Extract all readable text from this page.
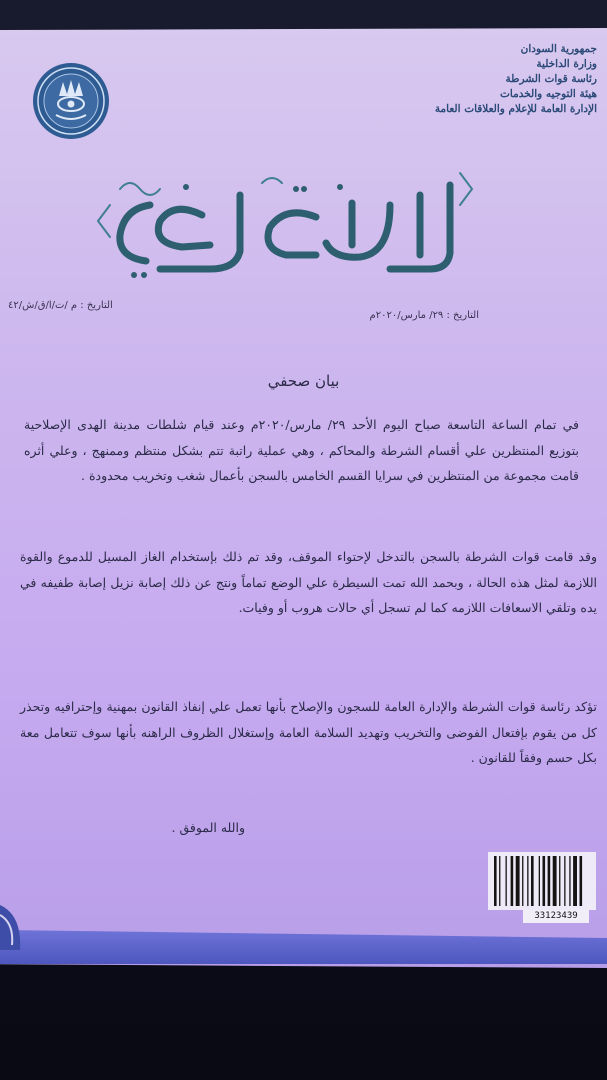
جمهورية السودان
وزارة الداخلية
رئاسة قوات الشرطة
هيئة التوجيه والخدمات
الإدارة العامة للإعلام والعلاقات العامة
التاريخ : ٢٩/ مارس/٢٠٢٠م
التاريخ : م /ت/ا/ق/ش/٤٢
بيان صحفي
في تمام الساعة التاسعة صباح اليوم الأحد ٢٩/ مارس/٢٠٢٠م وعند قيام شلطات مدينة الهدى الإصلاحية بتوزيع المنتظرين علي أقسام الشرطة والمحاكم ، وهي عملية راتبة تتم بشكل منتظم وممنهج ، وعلي أثره قامت مجموعة من المنتظرين في سرايا القسم الخامس بالسجن بأعمال شغب وتخريب محدودة .
وقد قامت قوات الشرطة بالسجن بالتدخل لإحتواء الموقف، وقد تم ذلك بإستخدام الغاز المسيل للدموع والقوة اللازمة لمثل هذه الحالة ، وبحمد الله تمت السيطرة علي الوضع تماماً ونتج عن ذلك إصابة نزيل إصابة طفيفه في يده وتلقي الاسعافات اللازمه كما لم تسجل أي حالات هروب أو وفيات.
تؤكد رئاسة قوات الشرطة والإدارة العامة للسجون والإصلاح بأنها تعمل علي إنفاذ القانون بمهنية وإحترافيه وتحذر كل من يقوم بإفتعال الفوضى والتخريب وتهديد السلامة العامة وإستغلال الظروف الراهنه بأنها سوف تتعامل معة بكل حسم وفقاً للقانون .
والله الموفق .
33123439
